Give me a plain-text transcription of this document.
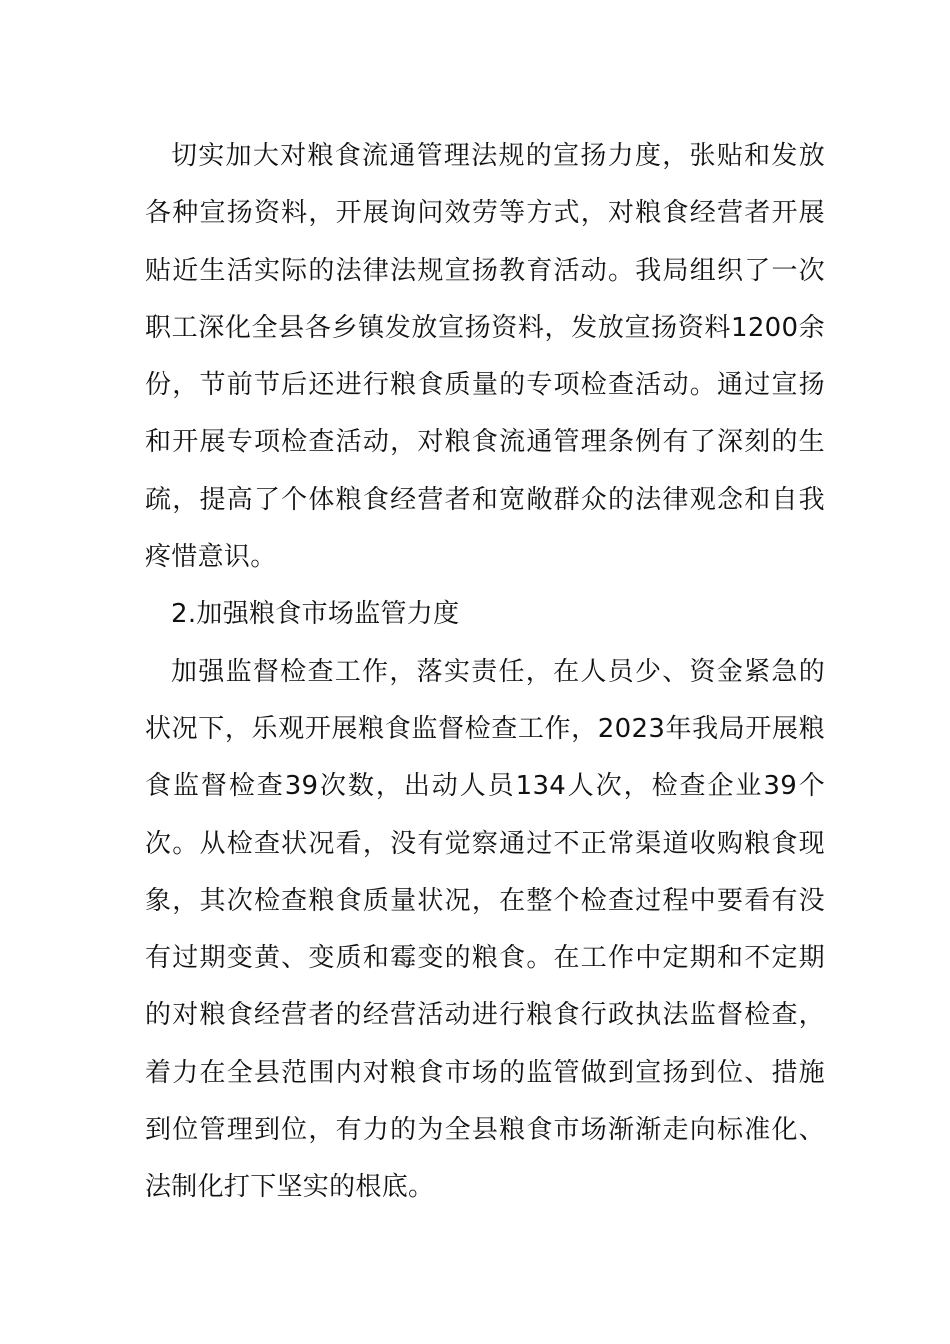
切实加大对粮食流通管理法规的宣扬力度，张贴和发放各种宣扬资料，开展询问效劳等方式，对粮食经营者开展贴近生活实际的法律法规宣扬教育活动。我局组织了一次职工深化全县各乡镇发放宣扬资料，发放宣扬资料1200余份，节前节后还进行粮食质量的专项检查活动。通过宣扬和开展专项检查活动，对粮食流通管理条例有了深刻的生疏，提高了个体粮食经营者和宽敞群众的法律观念和自我疼惜意识。

2.加强粮食市场监管力度

加强监督检查工作，落实责任，在人员少、资金紧急的状况下，乐观开展粮食监督检查工作，2023年我局开展粮食监督检查39次数，出动人员134人次，检查企业39个次。从检查状况看，没有觉察通过不正常渠道收购粮食现象，其次检查粮食质量状况，在整个检查过程中要看有没有过期变黄、变质和霉变的粮食。在工作中定期和不定期的对粮食经营者的经营活动进行粮食行政执法监督检查，着力在全县范围内对粮食市场的监管做到宣扬到位、措施到位管理到位，有力的为全县粮食市场渐渐走向标准化、法制化打下坚实的根底。
